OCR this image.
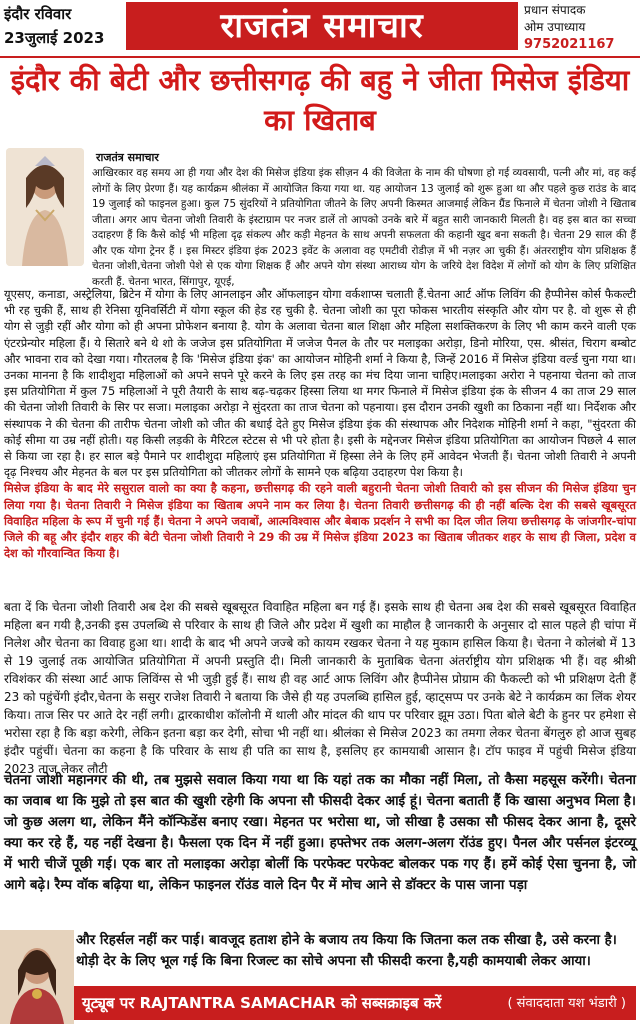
इंदौर रविवार
23जुलाई 2023	राजतंत्र समाचार	प्रधान संपादक
ओम उपाध्याय
9752021167
इंदौर की बेटी और छत्तीसगढ़ की बहु ने जीता मिसेज इंडिया का खिताब
राजतंत्र समाचार
आखिरकार वह समय आ ही गया और देश की मिसेज इंडिया इंक सीज़न 4 की विजेता के नाम की घोषणा हो गई व्यवसायी, पत्नी और मां, वह कई लोगों के लिए प्रेरणा हैं। यह कार्यक्रम श्रीलंका में आयोजित किया गया था. यह आयोजन 13 जुलाई को शुरू हुआ था और पहले कुछ राउंड के बाद 19 जुलाई को फाइनल हुआ। कुल 75 सुंदरियों ने प्रतियोगिता जीतने के लिए अपनी किस्मत आजमाई लेकिन ग्रैंड फिनाले में चेतना जोशी ने खिताब जीता। अगर आप चेतना जोशी तिवारी के इंस्टाग्राम पर नजर डालें तो आपको उनके बारे में बहुत सारी जानकारी मिलती है। वह इस बात का सच्चा उदाहरण हैं कि कैसे कोई भी महिला दृढ़ संकल्प और कड़ी मेहनत के साथ अपनी सफलता की कहानी खुद बना सकती है। चेतना 29 साल की हैं और एक योगा ट्रेनर हैं । इस मिस्टर इंडिया इंक 2023 इवेंट के अलावा वह एमटीवी रोडीज़ में भी नज़र आ चुकी हैं। अंतरराष्ट्रीय योग प्रशिक्षक हैं चेतना जोशी,चेतना जोशी पेशे से एक योगा शिक्षक हैं और अपने योग संस्था आराध्य योग के जरिये देश विदेश में लोगों को योग के लिए प्रशिक्षित करती हैं. चेतना भारत, सिंगापुर, यूएई,

यूएसए, कनाडा, अस्ट्रेलिया, ब्रिटेन में योगा के लिए आनलाइन और ऑफलाइन योगा वर्कशाप्स चलाती हैं.चेतना आर्ट ऑफ लिविंग की हैप्पीनेस कोर्स फैकल्टी भी रह चुकी हैं, साथ ही रेनिसा यूनिवर्सिटी में योगा स्कूल की हेड रह चुकी है. चेतना जोशी का पूरा फोकस भारतीय संस्कृति और योग पर है. वो शुरू से ही योग से जुड़ी रहीं और योगा को ही अपना प्रोफेशन बनाया है. योग के अलावा चेतना बाल शिक्षा और महिला सशक्तिकरण के लिए भी काम करने वाली एक एंटरप्रेन्योर महिला हैं। ये सितारे बने थे शो के जजेज इस प्रतियोगिता में जजेज पैनल के तौर पर मलाइका अरोड़ा, डिनो मोरिया, एस. श्रीसंत, चिराग बम्बोट और भावना राव को देखा गया। गौरतलब है कि 'मिसेज इंडिया इंक' का आयोजन मोहिनी शर्मा ने किया है, जिन्हें 2016 में मिसेज इंडिया वर्ल्ड चुना गया था। उनका मानना है कि शादीशुदा महिलाओं को अपने सपने पूरे करने के लिए इस तरह का मंच दिया जाना चाहिए।मलाइका अरोरा ने पहनाया चेतना को ताज इस प्रतियोगिता में कुल 75 महिलाओं ने पूरी तैयारी के साथ बढ़-चढ़कर हिस्सा लिया था मगर फिनाले में मिसेज इंडिया इंक के सीजन 4 का ताज 29 साल की चेतना जोशी तिवारी के सिर पर सजा। मलाइका अरोड़ा ने सुंदरता का ताज चेतना को पहनाया। इस दौरान उनकी खुशी का ठिकाना नहीं था। निर्देशक और संस्थापक ने की चेतना की तारीफ चेतना जोशी को जीत की बधाई देते हुए मिसेज इंडिया इंक की संस्थापक और निदेशक मोहिनी शर्मा ने कहा, "सुंदरता की कोई सीमा या उम्र नहीं होती। यह किसी लड़की के मैरिटल स्टेटस से भी परे होता है। इसी के मद्देनजर मिसेज इंडिया प्रतियोगिता का आयोजन पिछले 4 साल से किया जा रहा है। हर साल बड़े पैमाने पर शादीशुदा महिलाएं इस प्रतियोगिता में हिस्सा लेने के लिए हमें आवेदन भेजती हैं। चेतना जोशी तिवारी ने अपनी दृढ़ निश्चय और मेहनत के बल पर इस प्रतियोगिता को जीतकर लोगों के सामने एक बढ़िया उदाहरण पेश किया है।

मिसेज इंडिया के बाद मेरे ससुराल वालो का क्या है कहना, छत्तीसगढ़ की रहने वाली बहुरानी चेतना जोशी तिवारी को इस सीजन की मिसेज इंडिया चुन लिया गया है। चेतना तिवारी ने मिसेज इंडिया का खिताब अपने नाम कर लिया है। चेतना तिवारी छत्तीसगढ़ की ही नहीं बल्कि देश की सबसे खूबसूरत विवाहित महिला के रूप में चुनी गई हैं। चेतना ने अपने जवाबों, आत्मविश्वास और बेबाक प्रदर्शन ने सभी का दिल जीत लिया छत्तीसगढ़ के जांजगीर-चांपा जिले की बहू और इंदौर शहर की बेटी चेतना जोशी तिवारी ने 29 की उम्र में मिसेज इंडिया 2023 का खिताब जीतकर शहर के साथ ही जिला, प्रदेश व देश को गौरवान्वित किया है।

बता दें कि चेतना जोशी तिवारी अब देश की सबसे खूबसूरत विवाहित महिला बन गई हैं। इसके साथ ही चेतना अब देश की सबसे खूबसूरत विवाहित महिला बन गयी है,उनकी इस उपलब्धि से परिवार के साथ ही जिले और प्रदेश में खुशी का माहौल है जानकारी के अनुसार दो साल पहले ही चांपा में निलेश और चेतना का विवाह हुआ था। शादी के बाद भी अपने जज्बे को कायम रखकर चेतना ने यह मुकाम हासिल किया है। चेतना ने कोलंबो में 13 से 19 जुलाई तक आयोजित प्रतियोगिता में अपनी प्रस्तुति दी। मिली जानकारी के मुताबिक चेतना अंतर्राष्ट्रीय योग प्रशिक्षक भी हैं। वह श्रीश्री रविशंकर की संस्था आर्ट आफ लिविंग्स से भी जुड़ी हुई हैं। साथ ही वह आर्ट आफ लिविंग और हैप्पीनेस प्रोग्राम की फैकल्टी को भी प्रशिक्षण देती हैं 23 को पहुंचेंगी इंदौर,चेतना के ससुर राजेश तिवारी ने बताया कि जैसे ही यह उपलब्धि हासिल हुई, व्हाट्सप्प पर उनके बेटे ने कार्यक्रम का लिंक शेयर किया। ताज सिर पर आते देर नहीं लगी। द्वारकाधीश कॉलोनी में थाली और मांदल की थाप पर परिवार झूम उठा। पिता बोले बेटी के हुनर पर हमेशा से भरोसा रहा है कि बड़ा करेगी, लेकिन इतना बड़ा कर देगी, सोचा भी नहीं था। श्रीलंका से मिसेज 2023 का तमगा लेकर चेतना बेंगलुरु हो आज सुबह इंदौर पहुंचीं। चेतना का कहना है कि परिवार के साथ ही पति का साथ है, इसलिए हर कामयाबी आसान है। टॉप फाइव में पहुंची मिसेज इंडिया 2023 ताज लेकर लौटी
चेतना जोशी महानगर की थी, तब मुझसे सवाल किया गया था कि यहां तक का मौका नहीं मिला, तो कैसा महसूस करेंगी। चेतना का जवाब था कि मुझे तो इस बात की खुशी रहेगी कि अपना सौ फीसदी देकर आई हूं। चेतना बताती हैं कि खासा अनुभव मिला है। जो कुछ अलग था, लेकिन मैंने कॉन्फिडेंस बनाए रखा। मेहनत पर भरोसा था, जो सीखा है उसका सौ फीसद देकर आना है, दूसरे क्या कर रहे हैं, यह नहीं देखना है। फैसला एक दिन में नहीं हुआ। हफ्तेभर तक अलग-अलग रॉउंड हुए। पैनल और पर्सनल इंटरव्यू में भारी चीजें पूछी गई। एक बार तो मलाइका अरोड़ा बोलीं कि परफेक्ट परफेक्ट बोलकर पक गए हैं। हमें कोई ऐसा चुनना है, जो आगे बढ़े। रैम्प वॉक बढ़िया था, लेकिन फाइनल रॉउंड वाले दिन पैर में मोच आने से डॉक्टर के पास जाना पड़ा
और रिहर्सल नहीं कर पाई। बावजूद हताश होने के बजाय तय किया कि जितना कल तक सीखा है, उसे करना है। थोड़ी देर के लिए भूल गई कि बिना रिजल्ट का सोचे अपना सौ फीसदी करना है,यही कामयाबी लेकर आया।
यूट्यूब पर RAJTANTRA SAMACHAR को सब्सक्राइब करें	( संवाददाता यश भंडारी )
